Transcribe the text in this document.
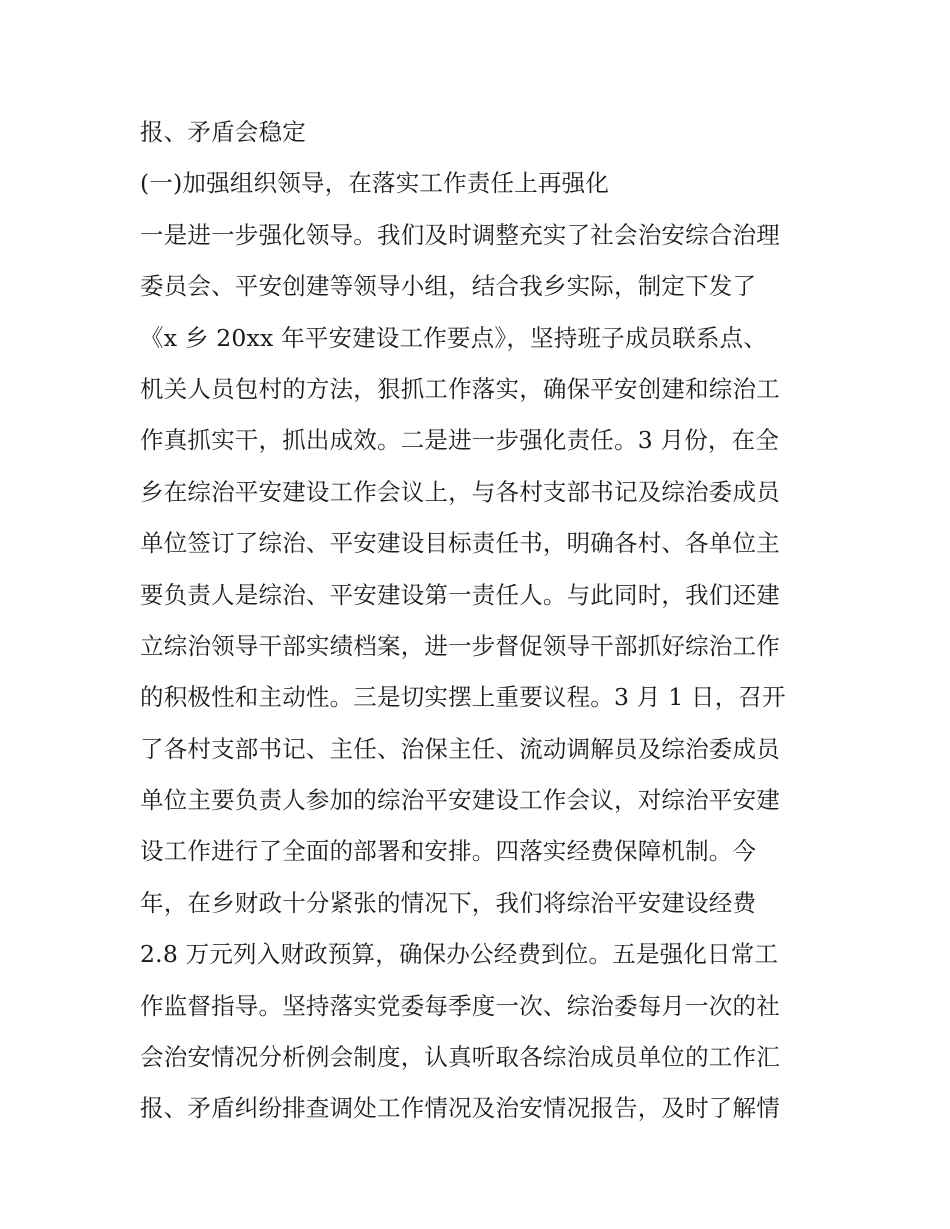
报、矛盾会稳定
(一)加强组织领导，在落实工作责任上再强化
一是进一步强化领导。我们及时调整充实了社会治安综合治理
委员会、平安创建等领导小组，结合我乡实际，制定下发了
《x 乡 20xx 年平安建设工作要点》，坚持班子成员联系点、
机关人员包村的方法，狠抓工作落实，确保平安创建和综治工
作真抓实干，抓出成效。二是进一步强化责任。3 月份，在全
乡在综治平安建设工作会议上，与各村支部书记及综治委成员
单位签订了综治、平安建设目标责任书，明确各村、各单位主
要负责人是综治、平安建设第一责任人。与此同时，我们还建
立综治领导干部实绩档案，进一步督促领导干部抓好综治工作
的积极性和主动性。三是切实摆上重要议程。3 月 1 日，召开
了各村支部书记、主任、治保主任、流动调解员及综治委成员
单位主要负责人参加的综治平安建设工作会议，对综治平安建
设工作进行了全面的部署和安排。四落实经费保障机制。今
年，在乡财政十分紧张的情况下，我们将综治平安建设经费
2.8 万元列入财政预算，确保办公经费到位。五是强化日常工
作监督指导。坚持落实党委每季度一次、综治委每月一次的社
会治安情况分析例会制度，认真听取各综治成员单位的工作汇
报、矛盾纠纷排查调处工作情况及治安情况报告，及时了解情
